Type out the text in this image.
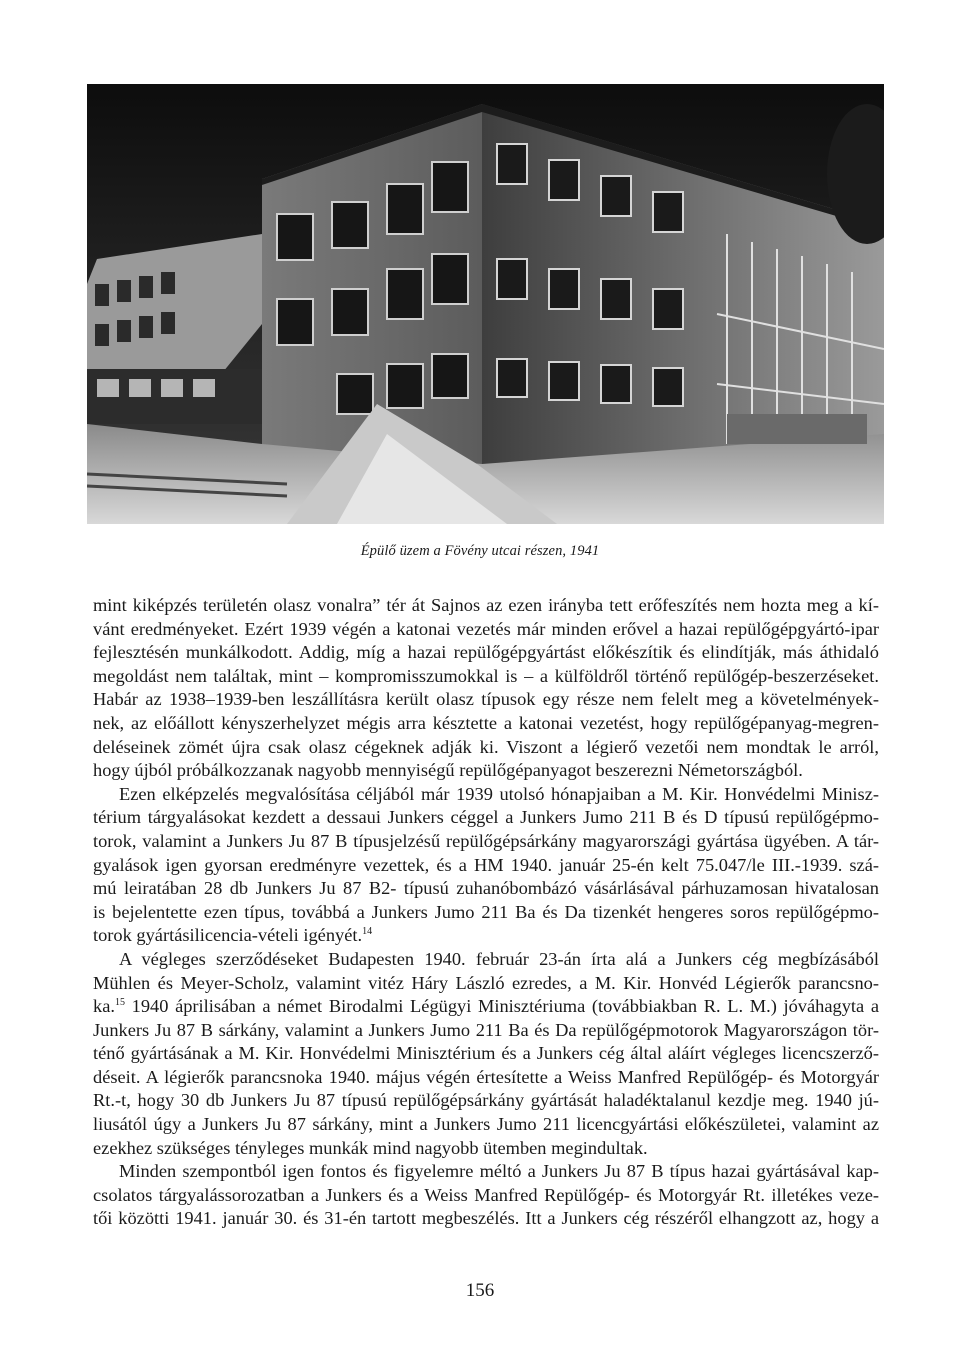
Épülő üzem a Fövény utcai részen, 1941
mint kiképzés területén olasz vonalra” tér át Sajnos az ezen irányba tett erőfeszítés nem hozta meg a kí-
vánt eredményeket. Ezért 1939 végén a katonai vezetés már minden erővel a hazai repülőgépgyártó-ipar
fejlesztésén munkálkodott. Addig, míg a hazai repülőgépgyártást előkészítik és elindítják, más áthidaló
megoldást nem találtak, mint – kompromisszumokkal is – a külföldről történő repülőgép-beszerzéseket.
Habár az 1938–1939-ben leszállításra került olasz típusok egy része nem felelt meg a követelmények-
nek, az előállott kényszerhelyzet mégis arra késztette a katonai vezetést, hogy repülőgépanyag-megren-
deléseinek zömét újra csak olasz cégeknek adják ki. Viszont a légierő vezetői nem mondtak le arról,
hogy újból próbálkozzanak nagyobb mennyiségű repülőgépanyagot beszerezni Németországból.
Ezen elképzelés megvalósítása céljából már 1939 utolsó hónapjaiban a M. Kir. Honvédelmi Minisz-
térium tárgyalásokat kezdett a dessaui Junkers céggel a Junkers Jumo 211 B és D típusú repülőgépmo-
torok, valamint a Junkers Ju 87 B típusjelzésű repülőgépsárkány magyarországi gyártása ügyében. A tár-
gyalások igen gyorsan eredményre vezettek, és a HM 1940. január 25-én kelt 75.047/le III.-1939. szá-
mú leiratában 28 db Junkers Ju 87 B2- típusú zuhanóbombázó vásárlásával párhuzamosan hivatalosan
is bejelentette ezen típus, továbbá a Junkers Jumo 211 Ba és Da tizenkét hengeres soros repülőgépmo-
torok gyártásilicencia-vételi igényét.$^{14}$
A végleges szerződéseket Budapesten 1940. február 23-án írta alá a Junkers cég megbízásából
Mühlen és Meyer-Scholz, valamint vitéz Háry László ezredes, a M. Kir. Honvéd Légierők parancsno-
ka.$^{15}$ 1940 áprilisában a német Birodalmi Légügyi Minisztériuma (továbbiakban R. L. M.) jóváhagyta a
Junkers Ju 87 B sárkány, valamint a Junkers Jumo 211 Ba és Da repülőgépmotorok Magyarországon tör-
ténő gyártásának a M. Kir. Honvédelmi Minisztérium és a Junkers cég által aláírt végleges licencszerző-
déseit. A légierők parancsnoka 1940. május végén értesítette a Weiss Manfred Repülőgép- és Motorgyár
Rt.-t, hogy 30 db Junkers Ju 87 típusú repülőgépsárkány gyártását haladéktalanul kezdje meg. 1940 jú-
liusától úgy a Junkers Ju 87 sárkány, mint a Junkers Jumo 211 licencgyártási előkészületei, valamint az
ezekhez szükséges tényleges munkák mind nagyobb ütemben megindultak.
Minden szempontból igen fontos és figyelemre méltó a Junkers Ju 87 B típus hazai gyártásával kap-
csolatos tárgyalássorozatban a Junkers és a Weiss Manfred Repülőgép- és Motorgyár Rt. illetékes veze-
tői közötti 1941. január 30. és 31-én tartott megbeszélés. Itt a Junkers cég részéről elhangzott az, hogy a
156
